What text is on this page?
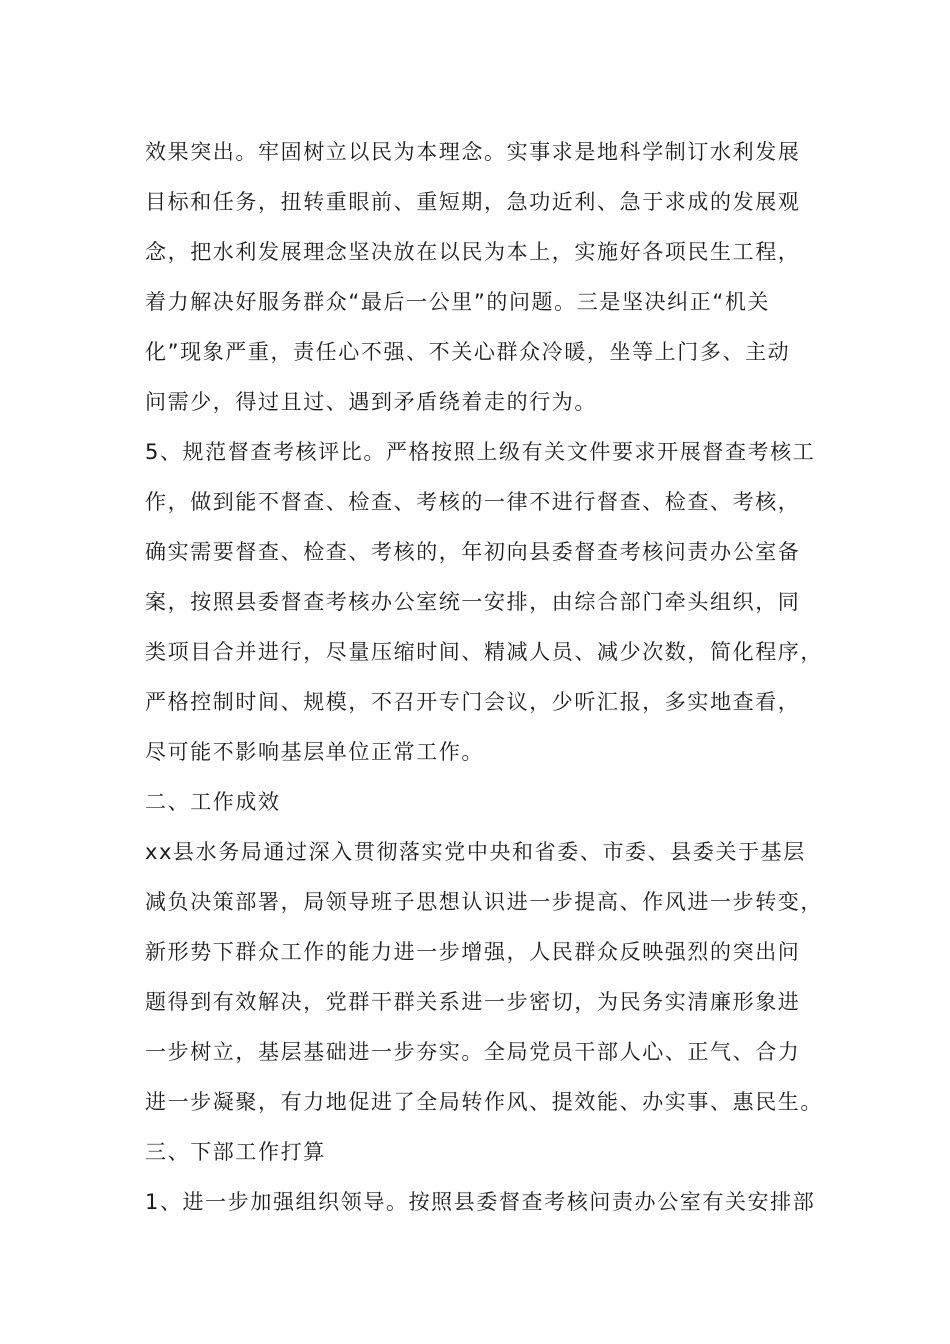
效果突出。牢固树立以民为本理念。实事求是地科学制订水利发展
目标和任务，扭转重眼前、重短期，急功近利、急于求成的发展观
念，把水利发展理念坚决放在以民为本上，实施好各项民生工程，
着力解决好服务群众“最后一公里”的问题。三是坚决纠正“机关
化”现象严重，责任心不强、不关心群众冷暖，坐等上门多、主动
问需少，得过且过、遇到矛盾绕着走的行为。
5、规范督查考核评比。严格按照上级有关文件要求开展督查考核工
作，做到能不督查、检查、考核的一律不进行督查、检查、考核，
确实需要督查、检查、考核的，年初向县委督查考核问责办公室备
案，按照县委督查考核办公室统一安排，由综合部门牵头组织，同
类项目合并进行，尽量压缩时间、精减人员、减少次数，简化程序，
严格控制时间、规模，不召开专门会议，少听汇报，多实地查看，
尽可能不影响基层单位正常工作。
二、工作成效
xx县水务局通过深入贯彻落实党中央和省委、市委、县委关于基层
减负决策部署，局领导班子思想认识进一步提高、作风进一步转变，
新形势下群众工作的能力进一步增强，人民群众反映强烈的突出问
题得到有效解决，党群干群关系进一步密切，为民务实清廉形象进
一步树立，基层基础进一步夯实。全局党员干部人心、正气、合力
进一步凝聚，有力地促进了全局转作风、提效能、办实事、惠民生。
三、下部工作打算
1、进一步加强组织领导。按照县委督查考核问责办公室有关安排部
